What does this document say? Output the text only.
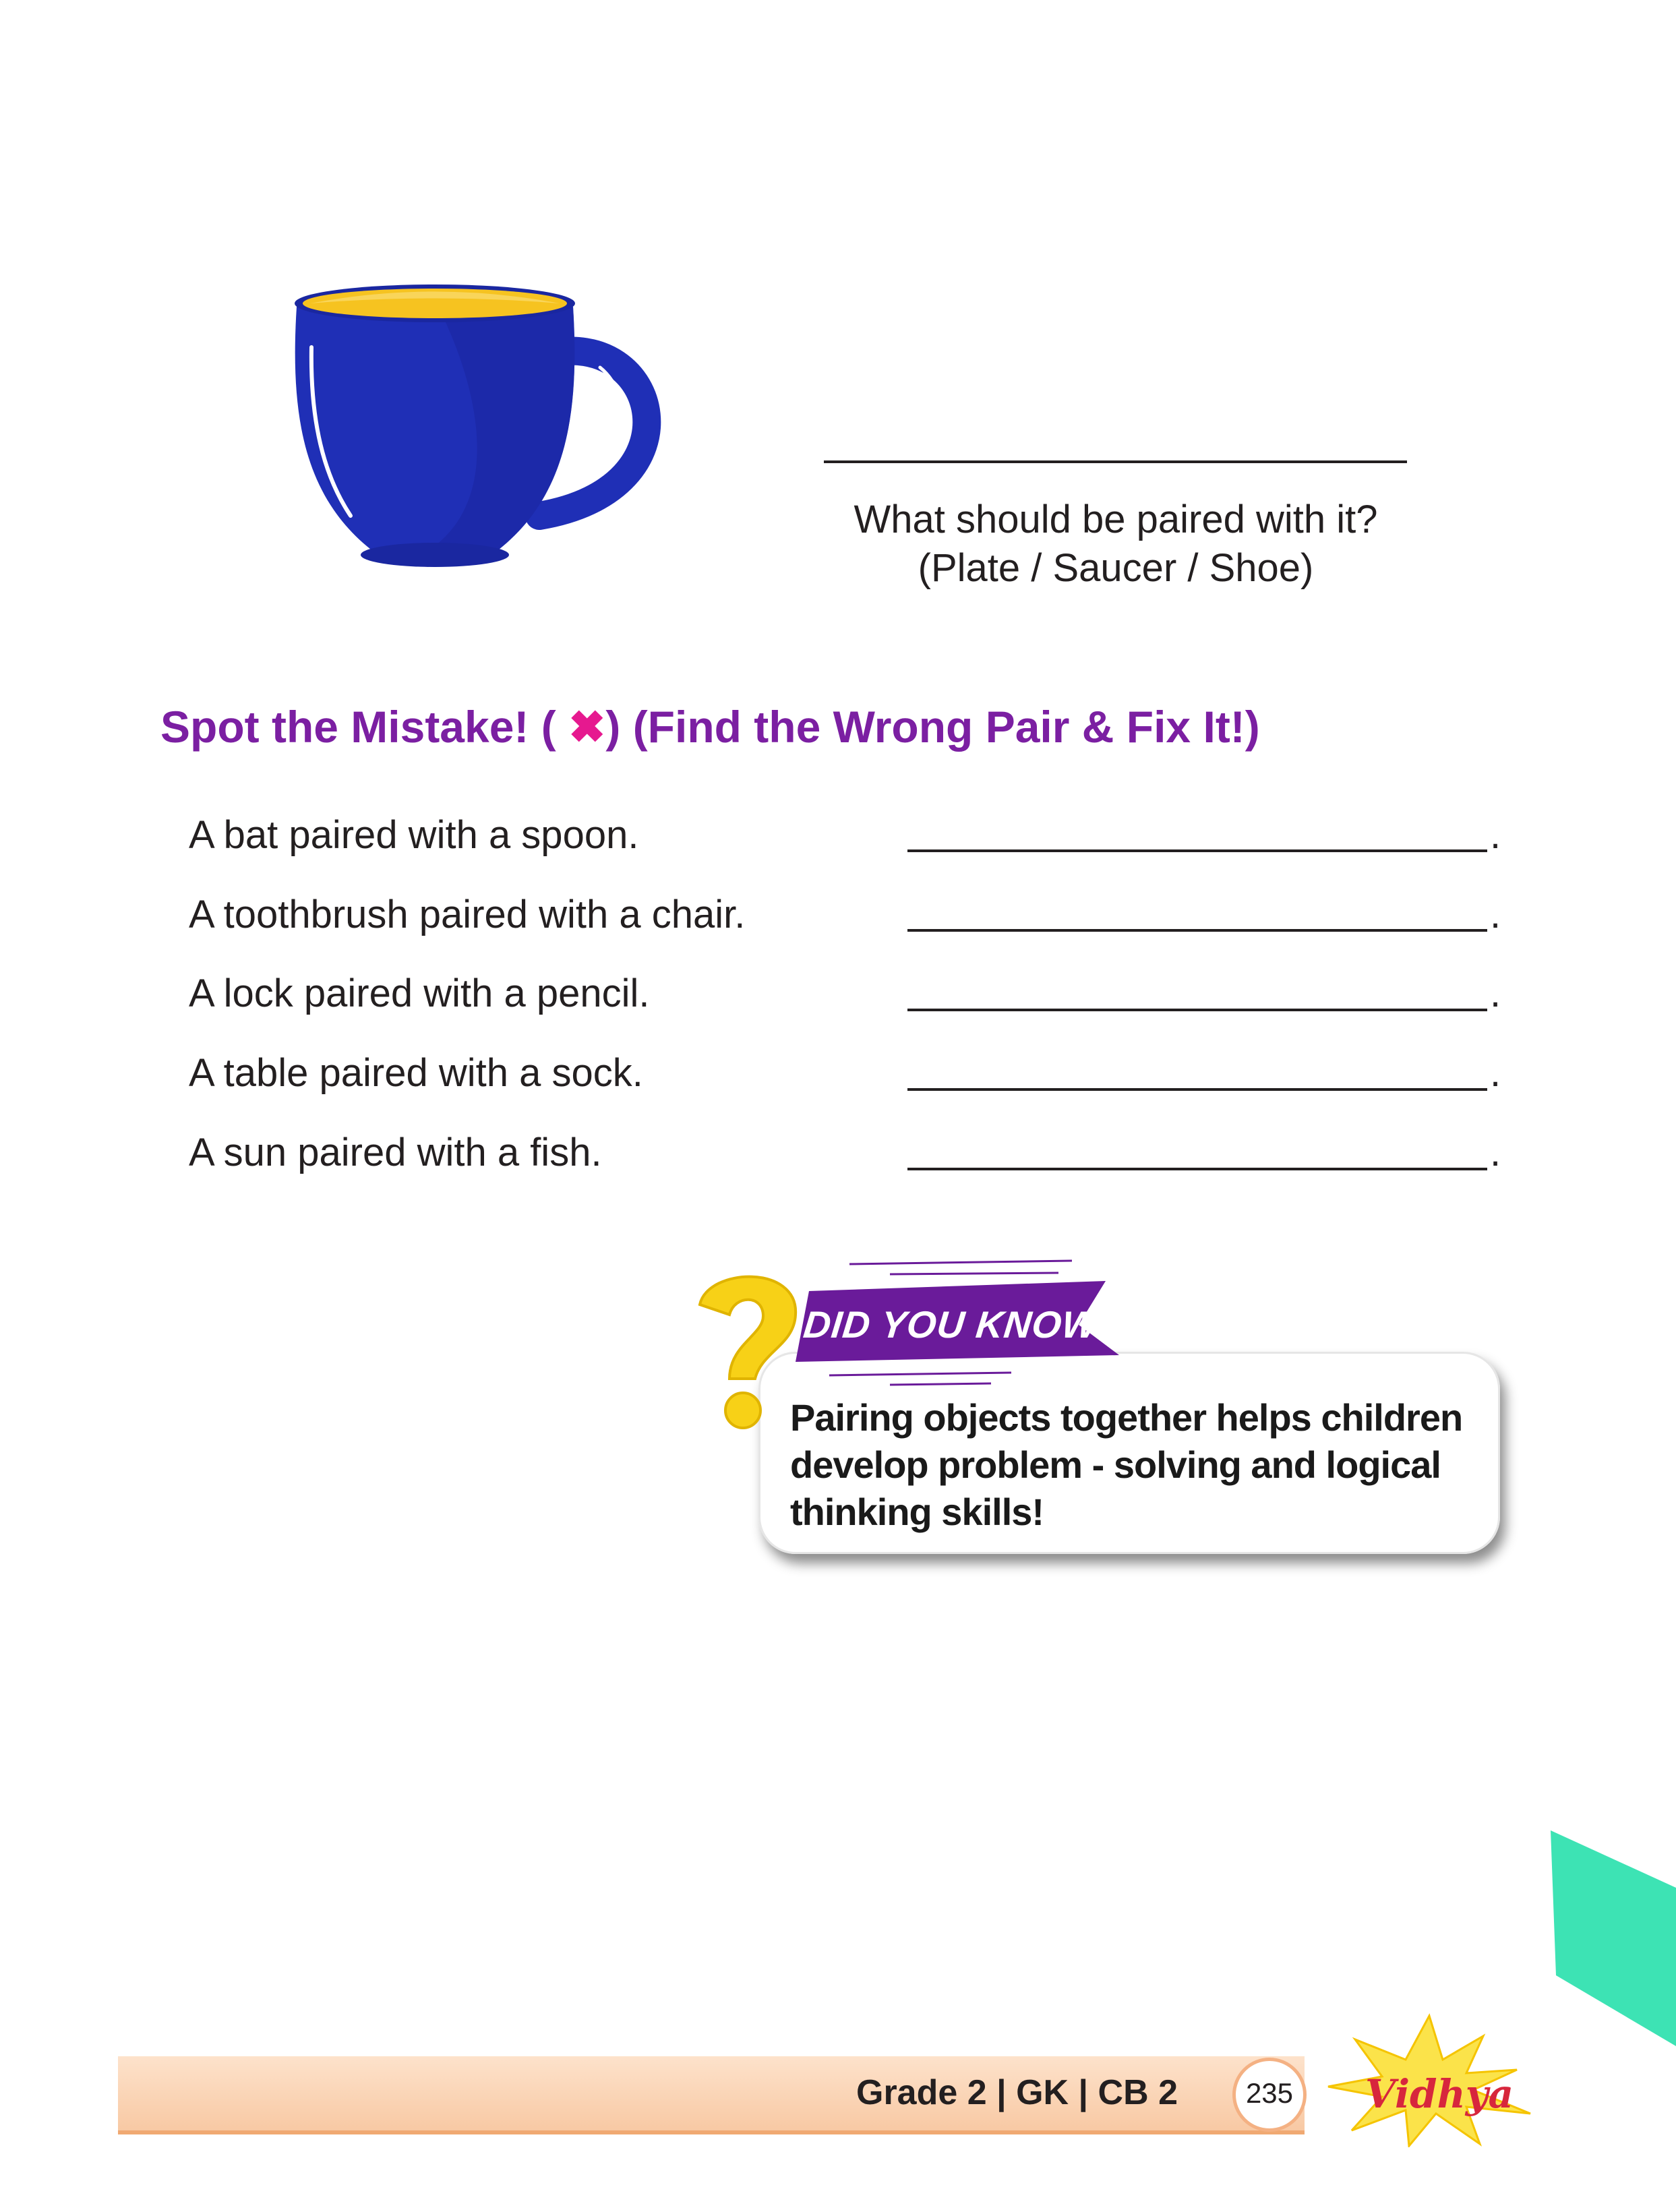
What should be paired with it?
(Plate / Saucer / Shoe)
Spot the Mistake! ( ✖) (Find the Wrong Pair & Fix It!)
A bat paired with a spoon.	.
A toothbrush paired with a chair.	.
A lock paired with a pencil.	.
A table paired with a sock.	.
A sun paired with a fish.	.
Pairing objects together helps children
develop problem - solving and logical
thinking skills!
DID YOU KNOW?
Grade 2 | GK | CB 2	235	Vidhya
